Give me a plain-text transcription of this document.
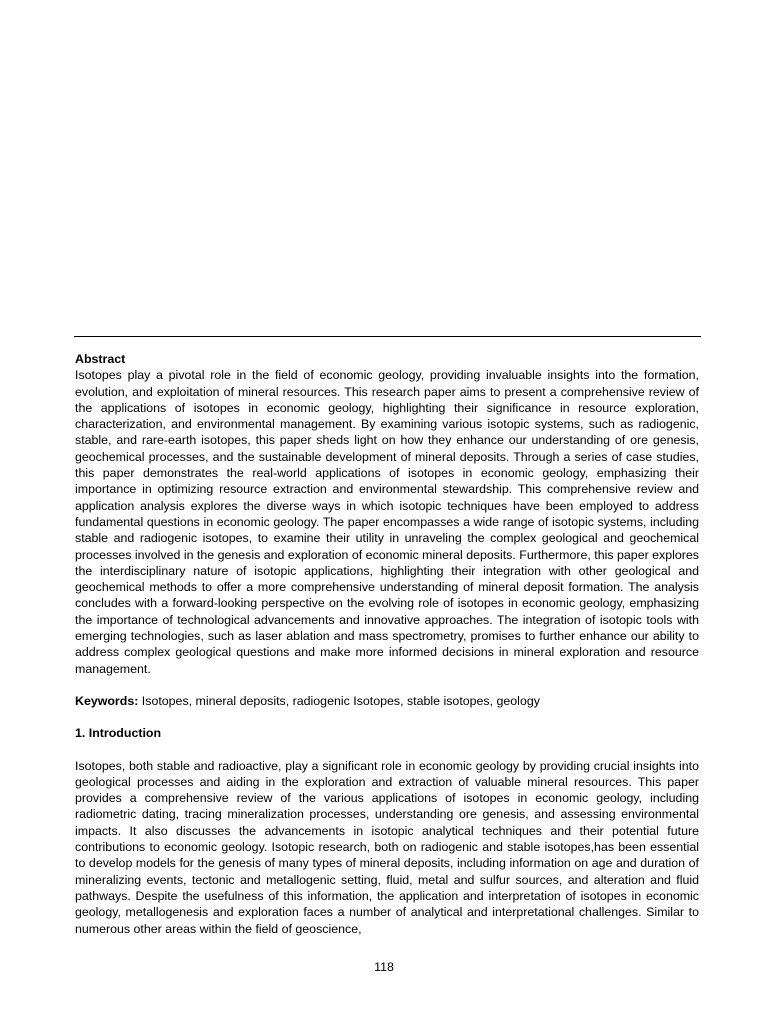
Abstract

Isotopes play a pivotal role in the field of economic geology, providing invaluable insights into the formation, evolution, and exploitation of mineral resources. This research paper aims to present a comprehensive review of the applications of isotopes in economic geology, highlighting their significance in resource exploration, characterization, and environmental management. By examining various isotopic systems, such as radiogenic, stable, and rare-earth isotopes, this paper sheds light on how they enhance our understanding of ore genesis, geochemical processes, and the sustainable development of mineral deposits. Through a series of case studies, this paper demonstrates the real-world applications of isotopes in economic geology, emphasizing their importance in optimizing resource extraction and environmental stewardship. This comprehensive review and application analysis explores the diverse ways in which isotopic techniques have been employed to address fundamental questions in economic geology. The paper encompasses a wide range of isotopic systems, including stable and radiogenic isotopes, to examine their utility in unraveling the complex geological and geochemical processes involved in the genesis and exploration of economic mineral deposits. Furthermore, this paper explores the interdisciplinary nature of isotopic applications, highlighting their integration with other geological and geochemical methods to offer a more comprehensive understanding of mineral deposit formation. The analysis concludes with a forward-looking perspective on the evolving role of isotopes in economic geology, emphasizing the importance of technological advancements and innovative approaches. The integration of isotopic tools with emerging technologies, such as laser ablation and mass spectrometry, promises to further enhance our ability to address complex geological questions and make more informed decisions in mineral exploration and resource management.

Keywords: Isotopes, mineral deposits, radiogenic Isotopes, stable isotopes, geology

1. Introduction

Isotopes, both stable and radioactive, play a significant role in economic geology by providing crucial insights into geological processes and aiding in the exploration and extraction of valuable mineral resources. This paper provides a comprehensive review of the various applications of isotopes in economic geology, including radiometric dating, tracing mineralization processes, understanding ore genesis, and assessing environmental impacts. It also discusses the advancements in isotopic analytical techniques and their potential future contributions to economic geology. Isotopic research, both on radiogenic and stable isotopes,has been essential to develop models for the genesis of many types of mineral deposits, including information on age and duration of mineralizing events, tectonic and metallogenic setting, fluid, metal and sulfur sources, and alteration and fluid pathways. Despite the usefulness of this information, the application and interpretation of isotopes in economic geology, metallogenesis and exploration faces a number of analytical and interpretational challenges. Similar to numerous other areas within the field of geoscience,

118
